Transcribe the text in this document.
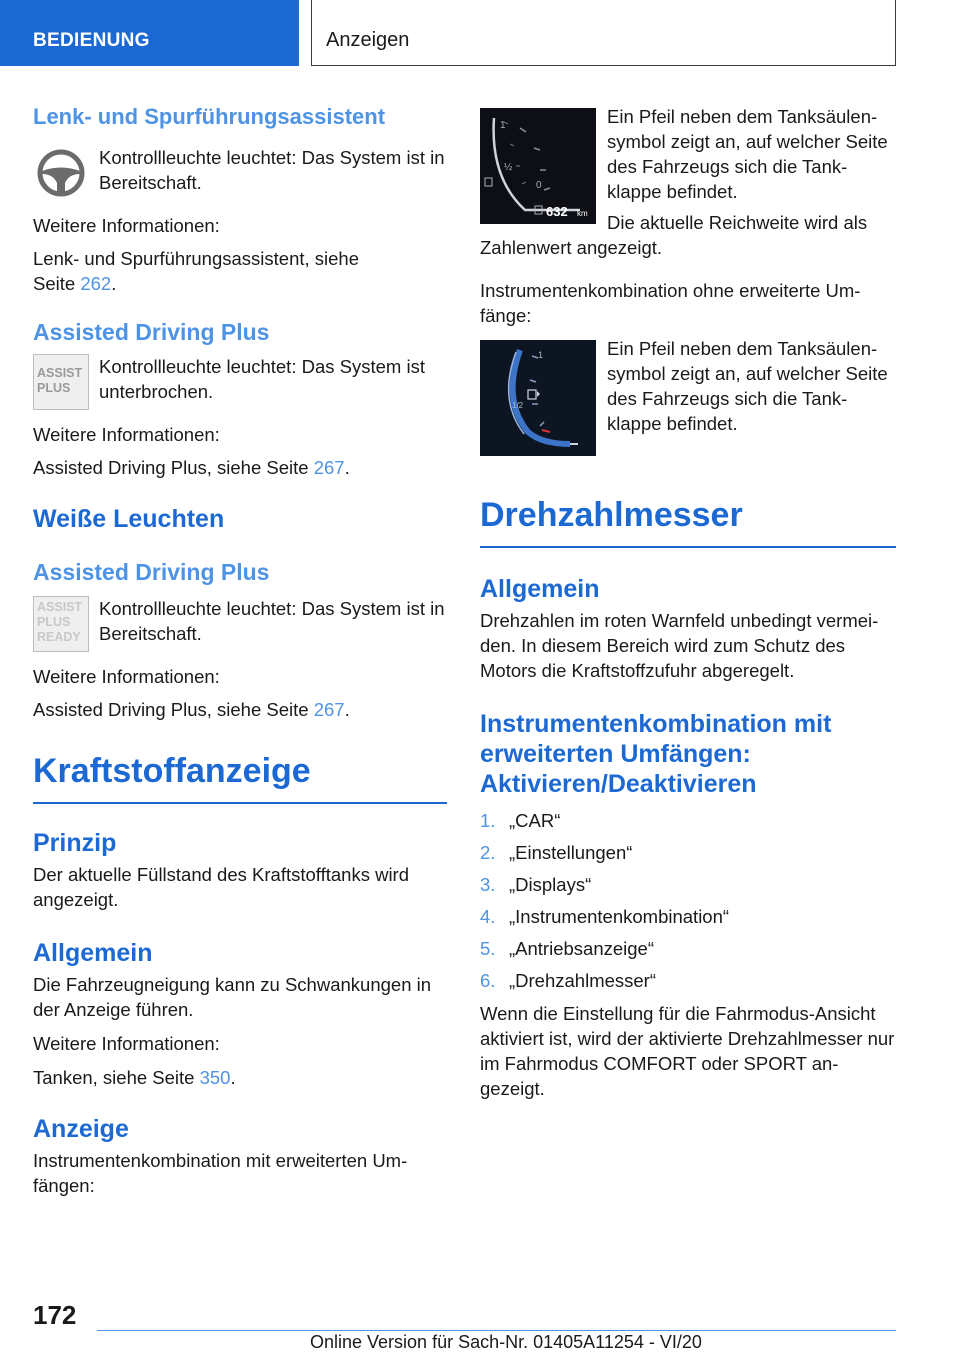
BEDIENUNG	Anzeigen
Lenk- und Spurführungsassistent

Kontrollleuchte leuchtet: Das System ist in Bereitschaft.

Weitere Informationen:

Lenk- und Spurführungsassistent, siehe Seite 262.

Assisted Driving Plus
ASSIST
PLUS

Kontrollleuchte leuchtet: Das System ist unterbrochen.

Weitere Informationen:

Assisted Driving Plus, siehe Seite 267.

Weiße Leuchten
Assisted Driving Plus
ASSIST
PLUS
READY

Kontrollleuchte leuchtet: Das System ist in Bereitschaft.

Weitere Informationen:

Assisted Driving Plus, siehe Seite 267.

Kraftstoffanzeige
Prinzip

Der aktuelle Füllstand des Kraftstofftanks wird angezeigt.

Allgemein

Die Fahrzeugneigung kann zu Schwankungen in der Anzeige führen.

Weitere Informationen:

Tanken, siehe Seite 350.

Anzeige

Instrumentenkombination mit erweiterten Um‐fängen:

1
½
0
632 km

Ein Pfeil neben dem Tanksäulen‐symbol zeigt an, auf welcher Seite des Fahrzeugs sich die Tank‐klappe befindet.

Die aktuelle Reichweite wird als Zahlenwert angezeigt.

Instrumentenkombination ohne erweiterte Um‐fänge:

1
1/2

Ein Pfeil neben dem Tanksäulen‐symbol zeigt an, auf welcher Seite des Fahrzeugs sich die Tank‐klappe befindet.

Drehzahlmesser
Allgemein

Drehzahlen im roten Warnfeld unbedingt vermei‐den. In diesem Bereich wird zum Schutz des Motors die Kraftstoffzufuhr abgeregelt.

Instrumentenkombination mit erweiterten Umfängen: Aktivieren/Deaktivieren
1. „CAR“
2. „Einstellungen“
3. „Displays“
4. „Instrumentenkombination“
5. „Antriebsanzeige“
6. „Drehzahlmesser“

Wenn die Einstellung für die Fahrmodus-Ansicht aktiviert ist, wird der aktivierte Drehzahlmesser nur im Fahrmodus COMFORT oder SPORT an‐gezeigt.

172
Online Version für Sach-Nr. 01405A11254 - VI/20
